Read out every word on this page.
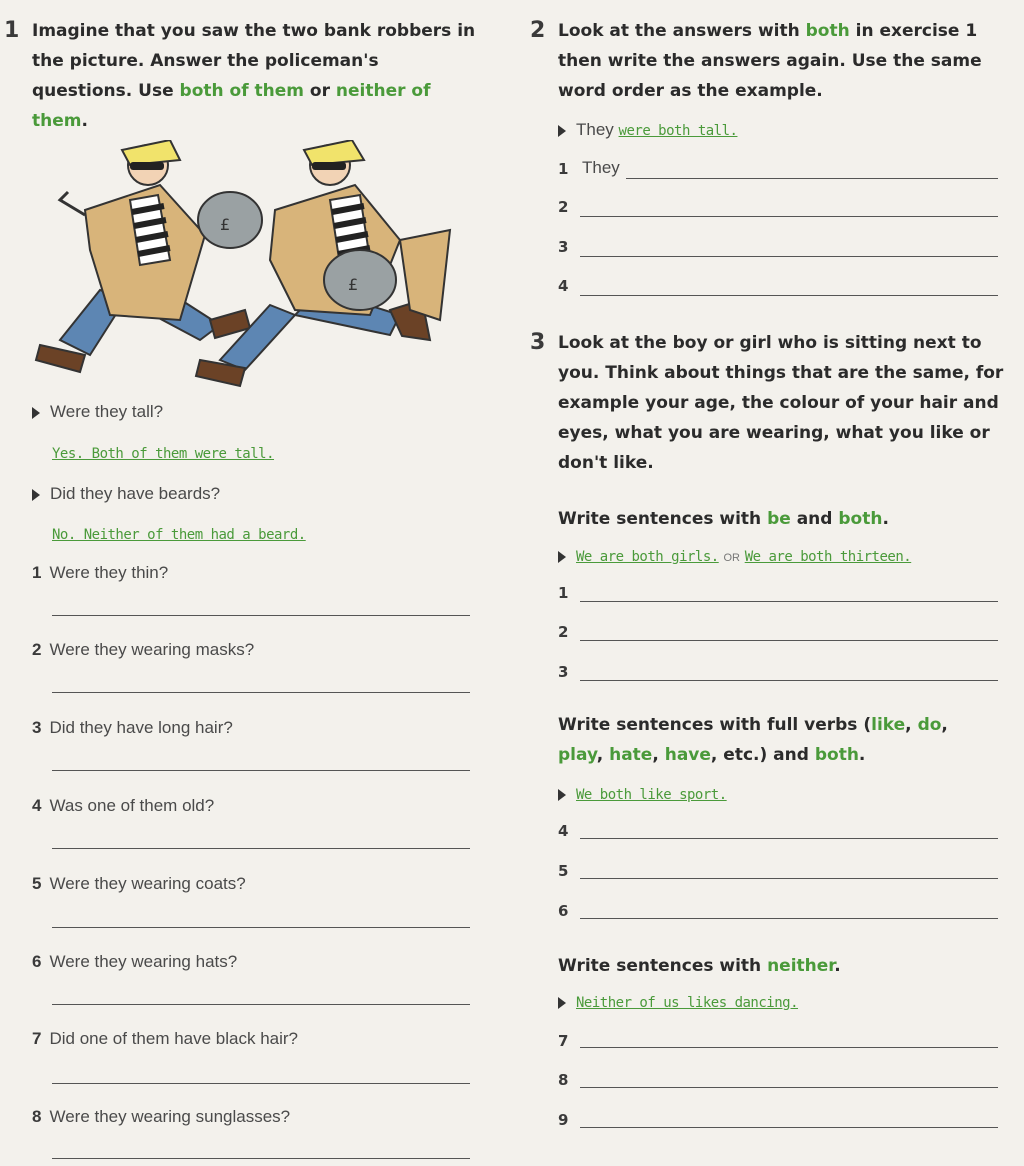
1 Imagine that you saw the two bank robbers in the picture. Answer the policeman's questions. Use both of them or neither of them.
£
£
Were they tall?
Yes. Both of them were tall.
Did they have beards?
No. Neither of them had a beard.
1 Were they thin?
2 Were they wearing masks?
3 Did they have long hair?
4 Was one of them old?
5 Were they wearing coats?
6 Were they wearing hats?
7 Did one of them have black hair?
8 Were they wearing sunglasses?
2 Look at the answers with both in exercise 1 then write the answers again. Use the same word order as the example.
They were both tall.
1 They
2
3
4
3 Look at the boy or girl who is sitting next to you. Think about things that are the same, for example your age, the colour of your hair and eyes, what you are wearing, what you like or don't like.
Write sentences with be and both.
We are both girls. OR We are both thirteen.
1
2
3
Write sentences with full verbs (like, do, play, hate, have, etc.) and both.
We both like sport.
4
5
6
Write sentences with neither.
Neither of us likes dancing.
7
8
9
